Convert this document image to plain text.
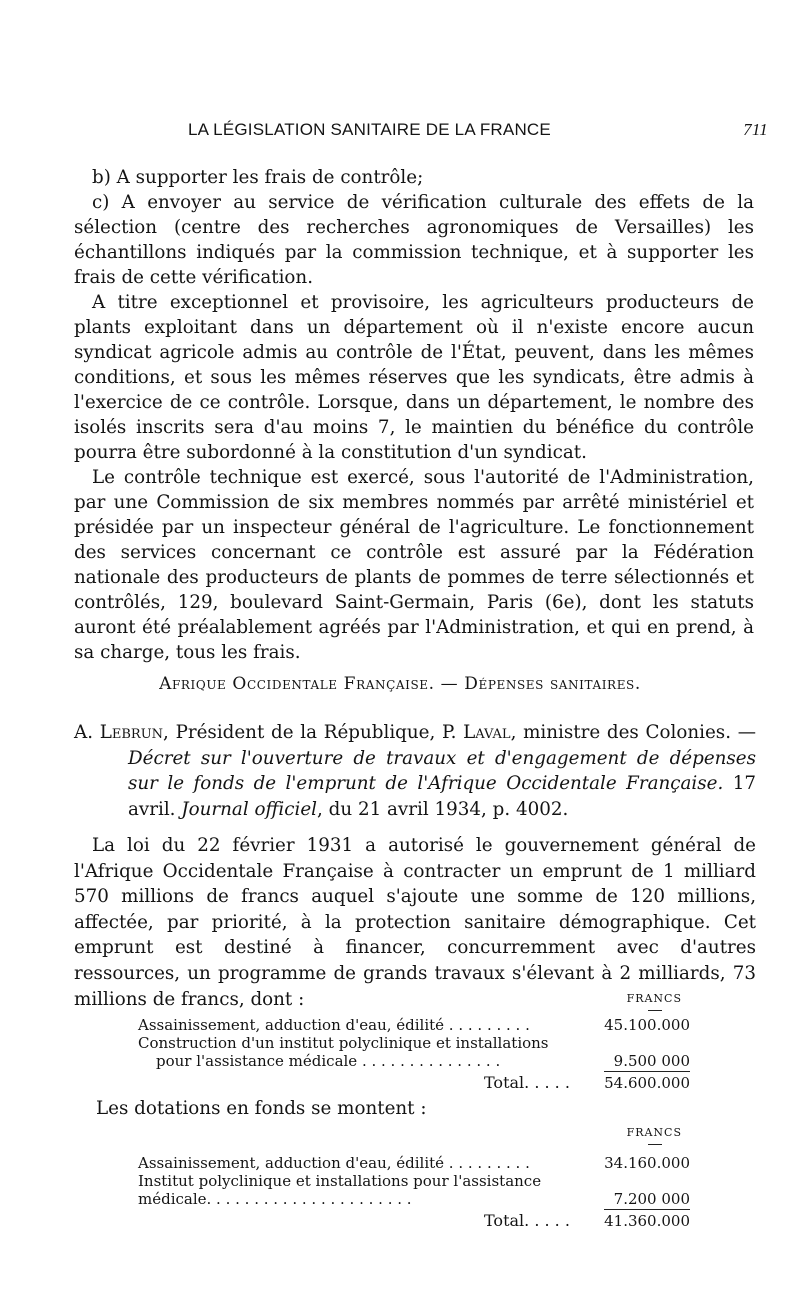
LA LÉGISLATION SANITAIRE DE LA FRANCE	711

b) A supporter les frais de contrôle;

c) A envoyer au service de vérification culturale des effets de la sélection (centre des recherches agronomiques de Versailles) les échantillons indiqués par la commission technique, et à supporter les frais de cette vérification.

A titre exceptionnel et provisoire, les agriculteurs producteurs de plants exploitant dans un département où il n'existe encore aucun syndicat agricole admis au contrôle de l'État, peuvent, dans les mêmes conditions, et sous les mêmes réserves que les syndicats, être admis à l'exercice de ce contrôle. Lorsque, dans un département, le nombre des isolés inscrits sera d'au moins 7, le maintien du bénéfice du contrôle pourra être subordonné à la constitution d'un syndicat.

Le contrôle technique est exercé, sous l'autorité de l'Administration, par une Commission de six membres nommés par arrêté ministériel et présidée par un inspecteur général de l'agriculture. Le fonctionnement des services concernant ce contrôle est assuré par la Fédération nationale des producteurs de plants de pommes de terre sélectionnés et contrôlés, 129, boulevard Saint-Germain, Paris (6e), dont les statuts auront été préalablement agréés par l'Administration, et qui en prend, à sa charge, tous les frais.

Afrique Occidentale Française. — Dépenses sanitaires.

A. Lebrun, Président de la République, P. Laval, ministre des Colonies. — Décret sur l'ouverture de travaux et d'engagement de dépenses sur le fonds de l'emprunt de l'Afrique Occidentale Française. 17 avril. Journal officiel, du 21 avril 1934, p. 4002.

La loi du 22 février 1931 a autorisé le gouvernement général de l'Afrique Occidentale Française à contracter un emprunt de 1 milliard 570 millions de francs auquel s'ajoute une somme de 120 millions, affectée, par priorité, à la protection sanitaire démographique. Cet emprunt est destiné à financer, concurremment avec d'autres ressources, un programme de grands travaux s'élevant à 2 milliards, 73 millions de francs, dont :	FRANCS
Assainissement, adduction d'eau, édilité . . . . . . . . .	45.100.000
Construction d'un institut polyclinique et installations
pour l'assistance médicale . . . . . . . . . . . . . . .	9.500 000
Total. . . . . 54.600.000
Les dotations en fonds se montent :
FRANCS
Assainissement, adduction d'eau, édilité . . . . . . . . .	34.160.000
Institut polyclinique et installations pour l'assistance
médicale. . . . . . . . . . . . . . . . . . . . . .	7.200 000
Total. . . . . 41.360.000
